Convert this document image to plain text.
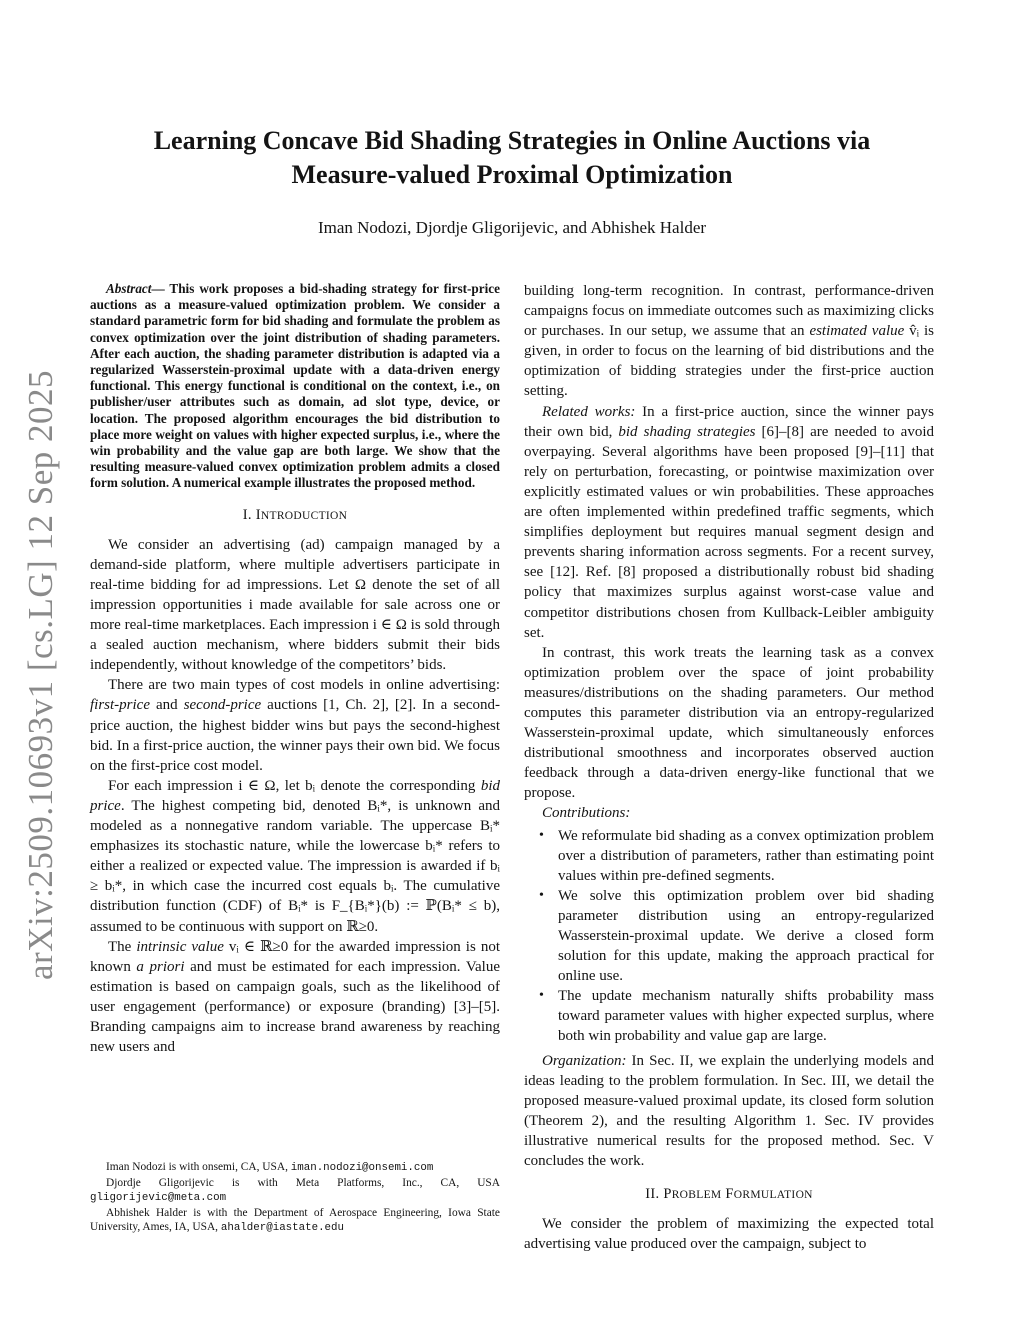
arXiv:2509.10693v1 [cs.LG] 12 Sep 2025
Learning Concave Bid Shading Strategies in Online Auctions via
Measure-valued Proximal Optimization
Iman Nodozi, Djordje Gligorijevic, and Abhishek Halder

Abstract— This work proposes a bid-shading strategy for first-price auctions as a measure-valued optimization problem. We consider a standard parametric form for bid shading and formulate the problem as convex optimization over the joint distribution of shading parameters. After each auction, the shading parameter distribution is adapted via a regularized Wasserstein-proximal update with a data-driven energy functional. This energy functional is conditional on the context, i.e., on publisher/user attributes such as domain, ad slot type, device, or location. The proposed algorithm encourages the bid distribution to place more weight on values with higher expected surplus, i.e., where the win probability and the value gap are both large. We show that the resulting measure-valued convex optimization problem admits a closed form solution. A numerical example illustrates the proposed method.

I. INTRODUCTION

We consider an advertising (ad) campaign managed by a demand-side platform, where multiple advertisers participate in real-time bidding for ad impressions. Let Ω denote the set of all impression opportunities i made available for sale across one or more real-time marketplaces. Each impression i ∈ Ω is sold through a sealed auction mechanism, where bidders submit their bids independently, without knowledge of the competitors’ bids.

There are two main types of cost models in online advertising: first-price and second-price auctions [1, Ch. 2], [2]. In a second-price auction, the highest bidder wins but pays the second-highest bid. In a first-price auction, the winner pays their own bid. We focus on the first-price cost model.

For each impression i ∈ Ω, let bᵢ denote the corresponding bid price. The highest competing bid, denoted Bᵢ*, is unknown and modeled as a nonnegative random variable. The uppercase Bᵢ* emphasizes its stochastic nature, while the lowercase bᵢ* refers to either a realized or expected value. The impression is awarded if bᵢ ≥ bᵢ*, in which case the incurred cost equals bᵢ. The cumulative distribution function (CDF) of Bᵢ* is F_{Bᵢ*}(b) := ℙ(Bᵢ* ≤ b), assumed to be continuous with support on ℝ≥0.

The intrinsic value vᵢ ∈ ℝ≥0 for the awarded impression is not known a priori and must be estimated for each impression. Value estimation is based on campaign goals, such as the likelihood of user engagement (performance) or exposure (branding) [3]–[5]. Branding campaigns aim to increase brand awareness by reaching new users and

Iman Nodozi is with onsemi, CA, USA, iman.nodozi@onsemi.com

Djordje Gligorijevic is with Meta Platforms, Inc., CA, USA gligorijevic@meta.com

Abhishek Halder is with the Department of Aerospace Engineering, Iowa State University, Ames, IA, USA, ahalder@iastate.edu

building long-term recognition. In contrast, performance-driven campaigns focus on immediate outcomes such as maximizing clicks or purchases. In our setup, we assume that an estimated value v̂ᵢ is given, in order to focus on the learning of bid distributions and the optimization of bidding strategies under the first-price auction setting.

Related works: In a first-price auction, since the winner pays their own bid, bid shading strategies [6]–[8] are needed to avoid overpaying. Several algorithms have been proposed [9]–[11] that rely on perturbation, forecasting, or pointwise maximization over explicitly estimated values or win probabilities. These approaches are often implemented within predefined traffic segments, which simplifies deployment but requires manual segment design and prevents sharing information across segments. For a recent survey, see [12]. Ref. [8] proposed a distributionally robust bid shading policy that maximizes surplus against worst-case value and competitor distributions chosen from Kullback-Leibler ambiguity set.

In contrast, this work treats the learning task as a convex optimization problem over the space of joint probability measures/distributions on the shading parameters. Our method computes this parameter distribution via an entropy-regularized Wasserstein-proximal update, which simultaneously enforces distributional smoothness and incorporates observed auction feedback through a data-driven energy-like functional that we propose.

Contributions:

• We reformulate bid shading as a convex optimization problem over a distribution of parameters, rather than estimating point values within pre-defined segments.
• We solve this optimization problem over bid shading parameter distribution using an entropy-regularized Wasserstein-proximal update. We derive a closed form solution for this update, making the approach practical for online use.
• The update mechanism naturally shifts probability mass toward parameter values with higher expected surplus, where both win probability and value gap are large.

Organization: In Sec. II, we explain the underlying models and ideas leading to the problem formulation. In Sec. III, we detail the proposed measure-valued proximal update, its closed form solution (Theorem 2), and the resulting Algorithm 1. Sec. IV provides illustrative numerical results for the proposed method. Sec. V concludes the work.

II. PROBLEM FORMULATION

We consider the problem of maximizing the expected total advertising value produced over the campaign, subject to
